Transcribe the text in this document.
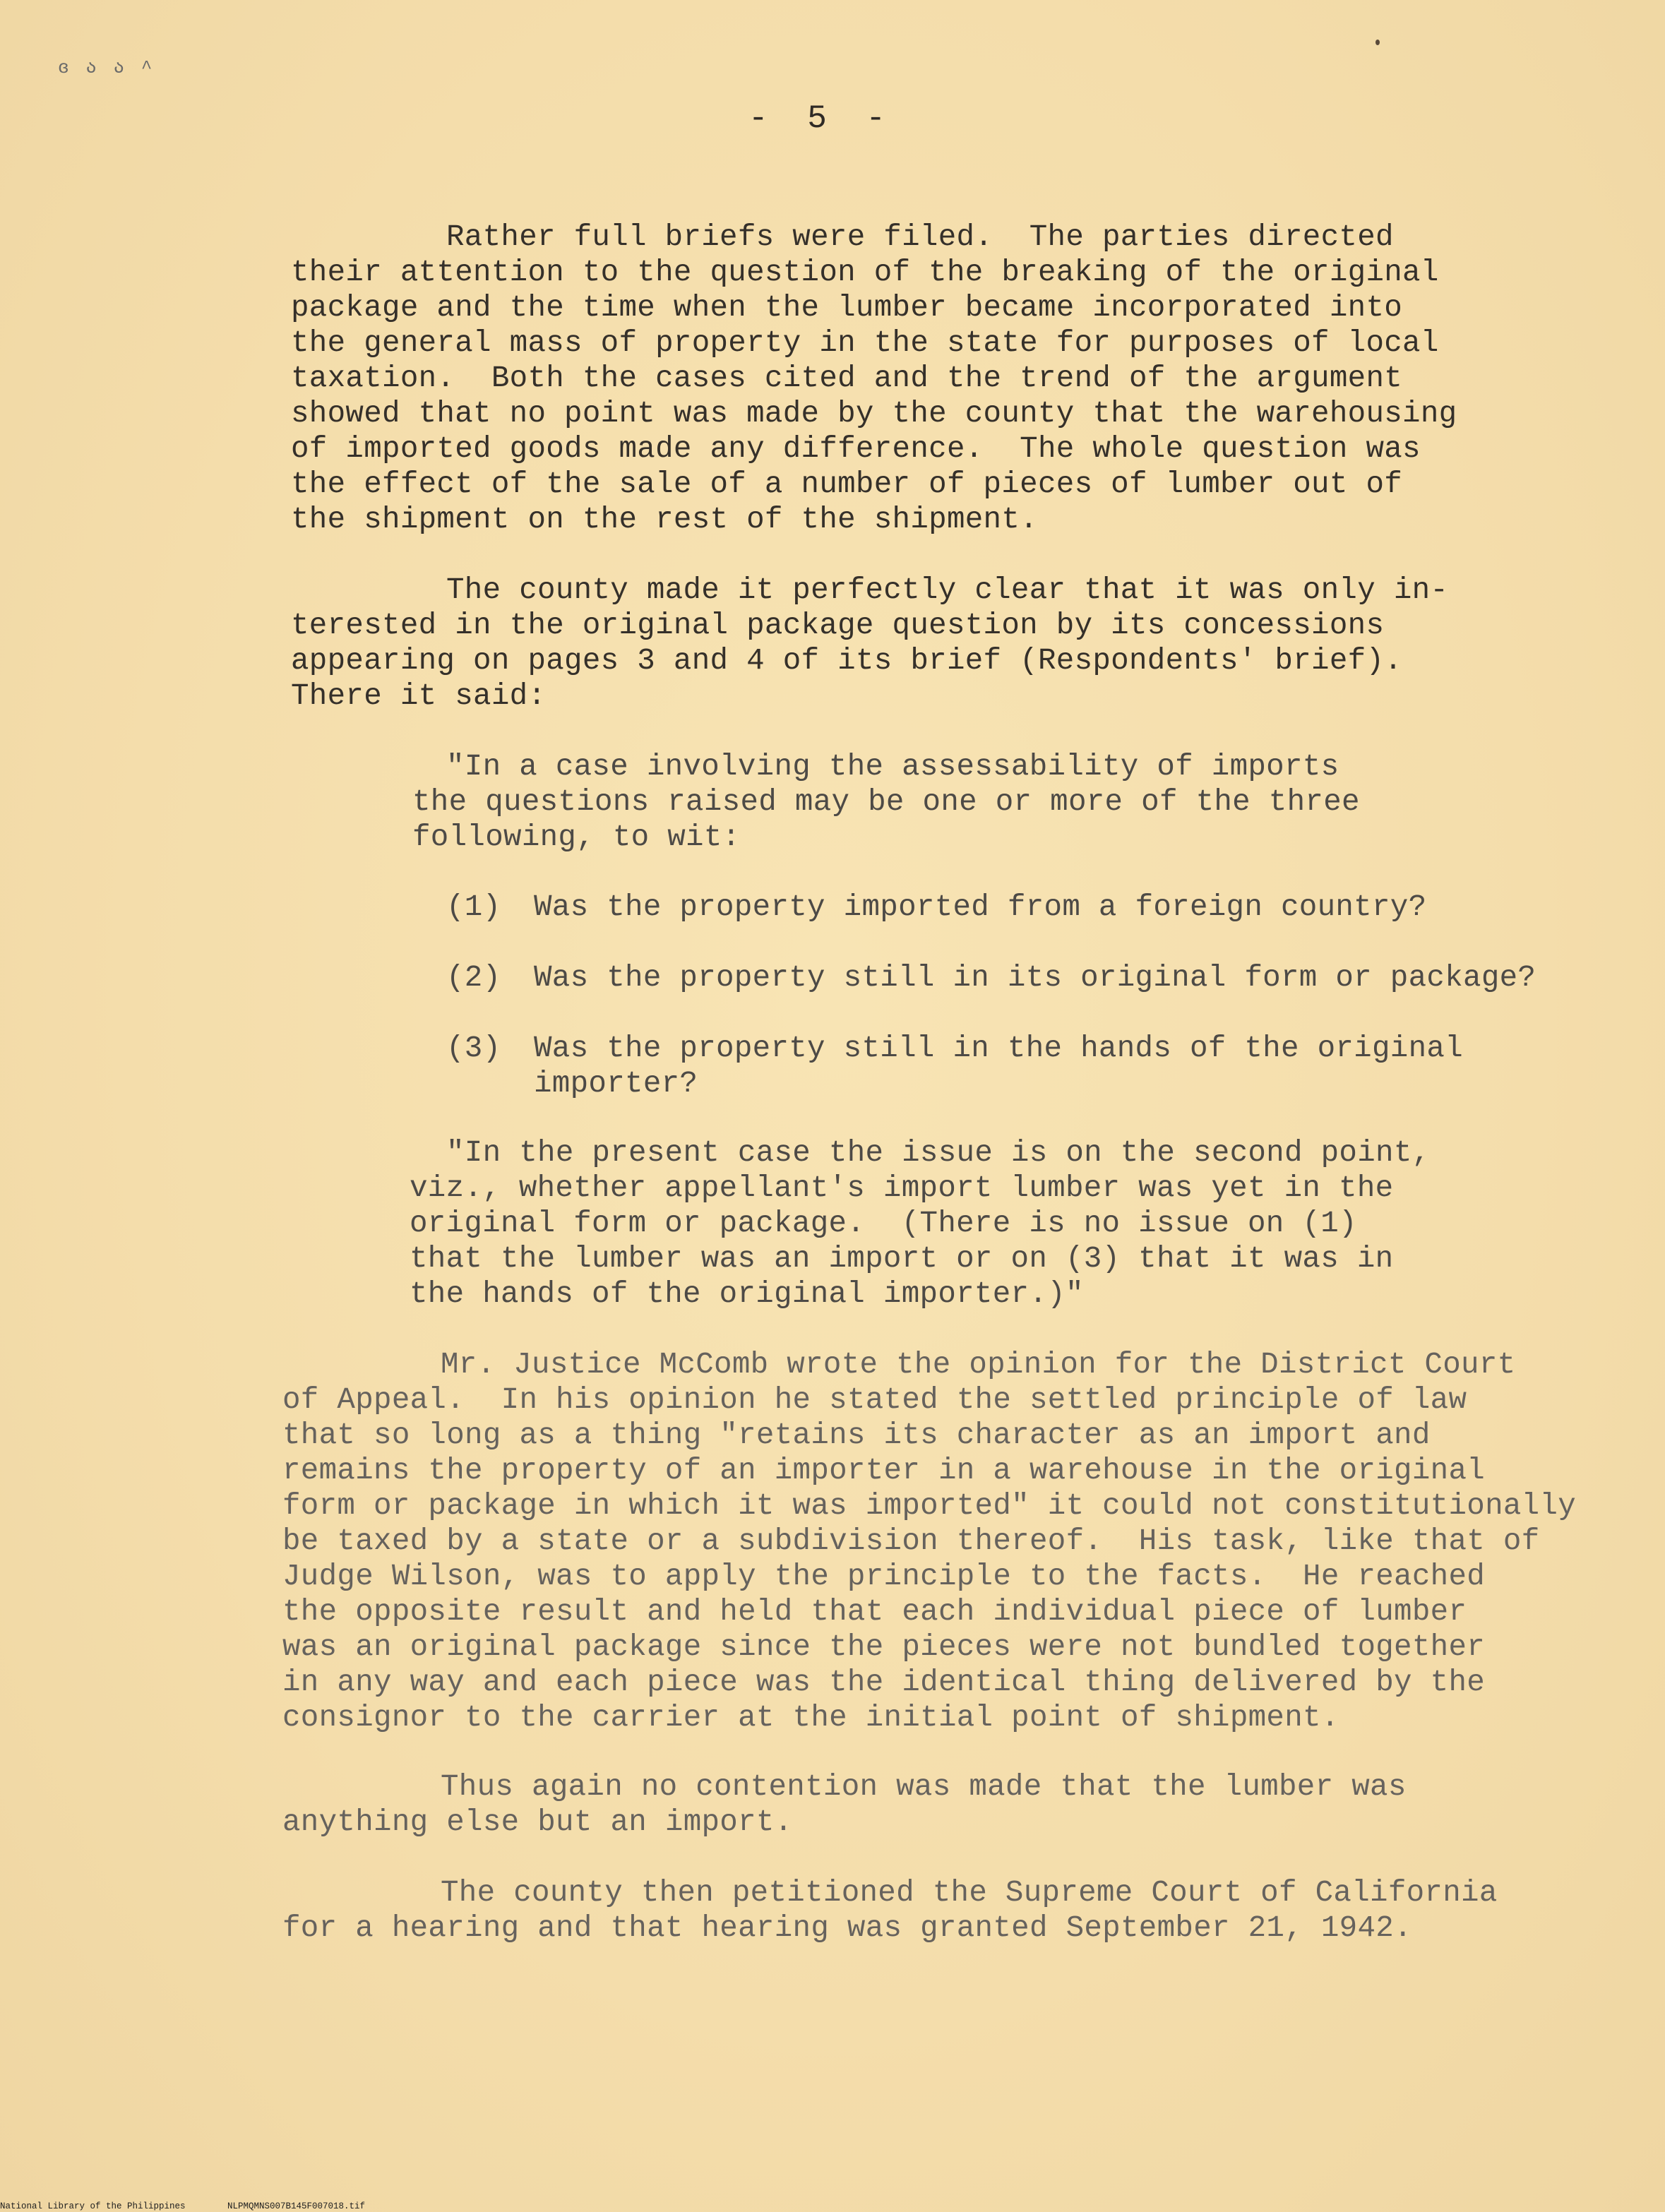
ɞ ა ა ^
- 5 -
Rather full briefs were filed.  The parties directed
their attention to the question of the breaking of the original
package and the time when the lumber became incorporated into
the general mass of property in the state for purposes of local
taxation.  Both the cases cited and the trend of the argument
showed that no point was made by the county that the warehousing
of imported goods made any difference.  The whole question was
the effect of the sale of a number of pieces of lumber out of
the shipment on the rest of the shipment.
The county made it perfectly clear that it was only in-
terested in the original package question by its concessions
appearing on pages 3 and 4 of its brief (Respondents' brief).
There it said:
"In a case involving the assessability of imports
the questions raised may be one or more of the three
following, to wit:
(1) Was the property imported from a foreign country?
(2) Was the property still in its original form or package?
(3) Was the property still in the hands of the original
importer?
"In the present case the issue is on the second point,
viz., whether appellant's import lumber was yet in the
original form or package.  (There is no issue on (1)
that the lumber was an import or on (3) that it was in
the hands of the original importer.)"
Mr. Justice McComb wrote the opinion for the District Court
of Appeal.  In his opinion he stated the settled principle of law
that so long as a thing "retains its character as an import and
remains the property of an importer in a warehouse in the original
form or package in which it was imported" it could not constitutionally
be taxed by a state or a subdivision thereof.  His task, like that of
Judge Wilson, was to apply the principle to the facts.  He reached
the opposite result and held that each individual piece of lumber
was an original package since the pieces were not bundled together
in any way and each piece was the identical thing delivered by the
consignor to the carrier at the initial point of shipment.
Thus again no contention was made that the lumber was
anything else but an import.
The county then petitioned the Supreme Court of California
for a hearing and that hearing was granted September 21, 1942.
National Library of the Philippines	NLPMQMNS007B145F007018.tif
